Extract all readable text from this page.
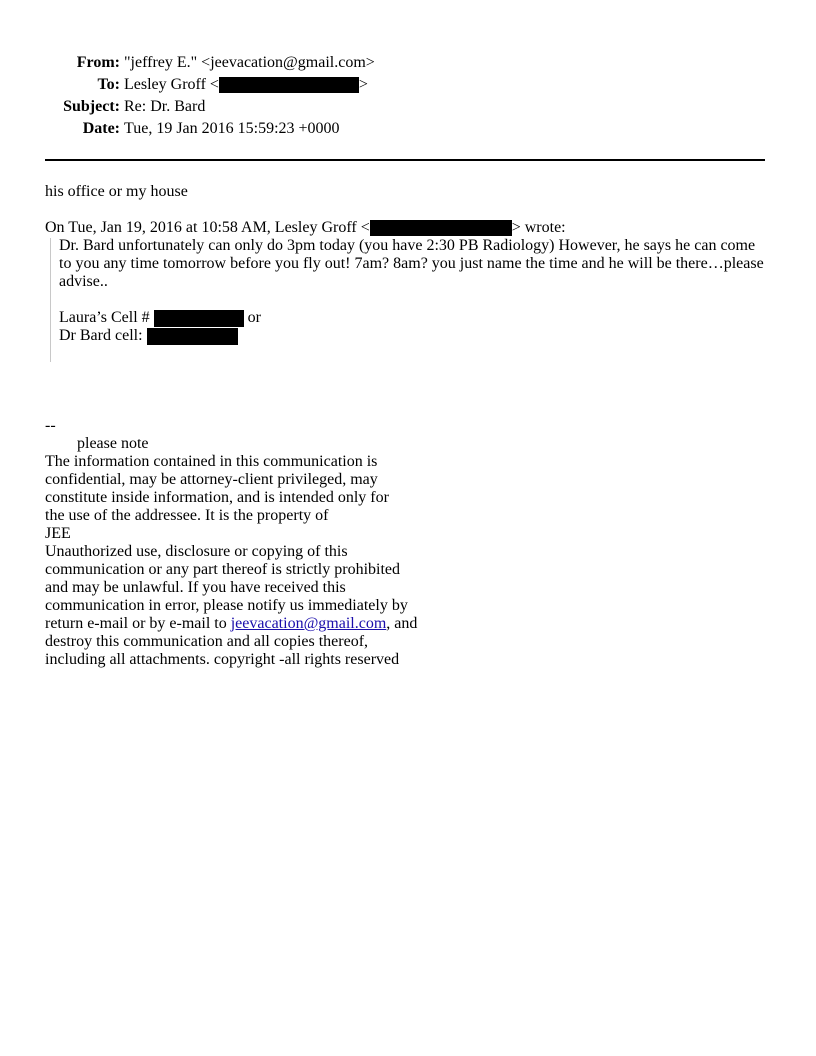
From: "jeffrey E." <jeevacation@gmail.com>
To: Lesley Groff <	>
Subject: Re: Dr. Bard
Date: Tue, 19 Jan 2016 15:59:23 +0000
his office or my house
On Tue, Jan 19, 2016 at 10:58 AM, Lesley Groff <	> wrote:
Dr. Bard unfortunately can only do 3pm today (you have 2:30 PB Radiology) However, he says he can come
to you any time tomorrow before you fly out! 7am? 8am? you just name the time and he will be there…please
advise..
Laura’s Cell #	or
Dr Bard cell:
--
please note
The information contained in this communication is
confidential, may be attorney-client privileged, may
constitute inside information, and is intended only for
the use of the addressee. It is the property of
JEE
Unauthorized use, disclosure or copying of this
communication or any part thereof is strictly prohibited
and may be unlawful. If you have received this
communication in error, please notify us immediately by
return e-mail or by e-mail to jeevacation@gmail.com, and
destroy this communication and all copies thereof,
including all attachments. copyright -all rights reserved
